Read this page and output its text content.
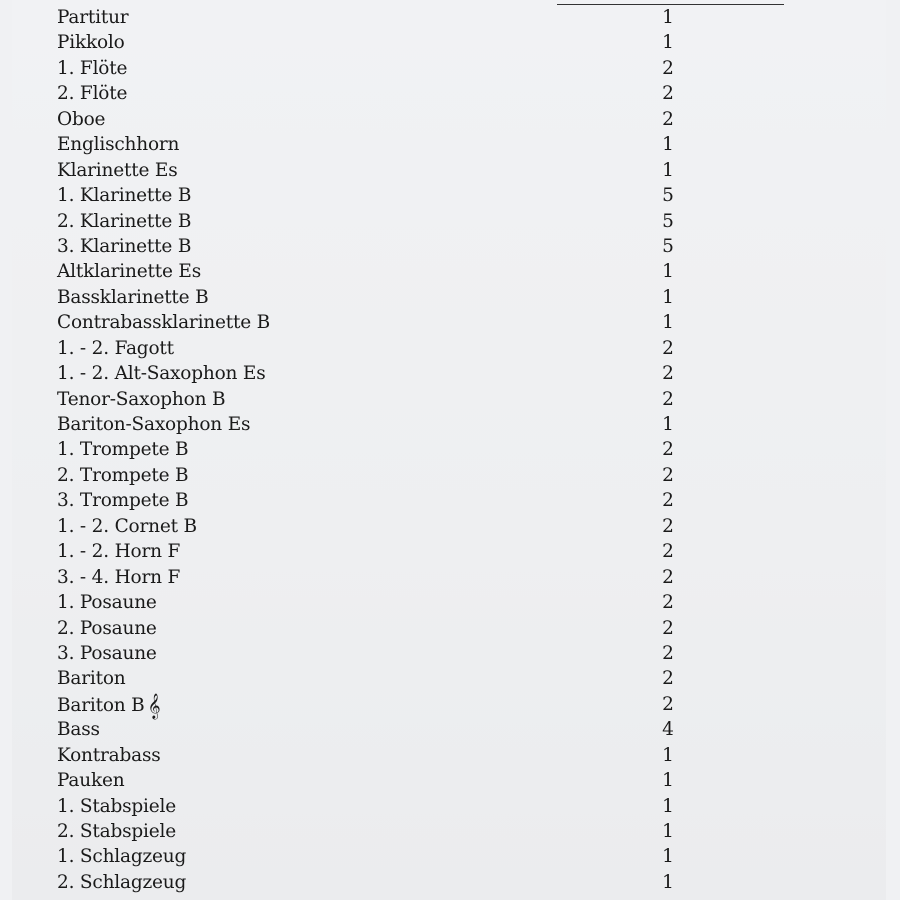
Partitur	1
Pikkolo	1
1. Flöte	2
2. Flöte	2
Oboe	2
Englischhorn	1
Klarinette Es	1
1. Klarinette B	5
2. Klarinette B	5
3. Klarinette B	5
Altklarinette Es	1
Bassklarinette B	1
Contrabassklarinette B	1
1. - 2. Fagott	2
1. - 2. Alt-Saxophon Es	2
Tenor-Saxophon B	2
Bariton-Saxophon Es	1
1. Trompete B	2
2. Trompete B	2
3. Trompete B	2
1. - 2. Cornet B	2
1. - 2. Horn F	2
3. - 4. Horn F	2
1. Posaune	2
2. Posaune	2
3. Posaune	2
Bariton	2
Bariton B 𝄞	2
Bass	4
Kontrabass	1
Pauken	1
1. Stabspiele	1
2. Stabspiele	1
1. Schlagzeug	1
2. Schlagzeug	1
